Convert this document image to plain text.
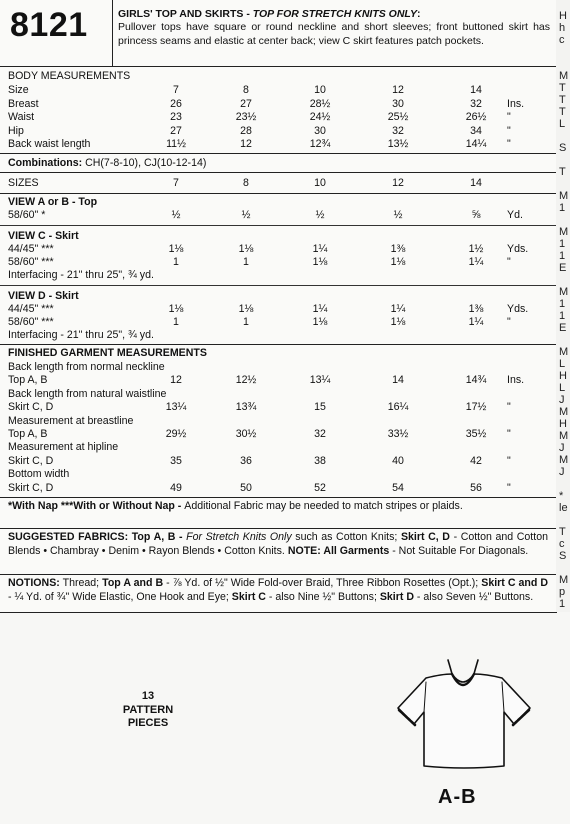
8121	GIRLS' TOP AND SKIRTS - TOP FOR STRETCH KNITS ONLY:
Pullover tops have square or round neckline and short sleeves; front buttoned skirt has princess seams and elastic at center back; view C skirt features patch pockets.
BODY MEASUREMENTS
Size	7	8	10	12	14
Breast	26	27	28½	30	32	Ins.
Waist	23	23½	24½	25½	26½	"
Hip	27	28	30	32	34	"
Back waist length	11½	12	12¾	13½	14¼	"
Combinations: CH(7-8-10), CJ(10-12-14)
SIZES	7	8	10	12	14
VIEW A or B - Top
58/60" *	½	½	½	½	⅝	Yd.
VIEW C - Skirt
44/45" ***	1⅛	1⅛	1¼	1⅜	1½	Yds.
58/60" ***	1	1	1⅛	1⅛	1¼	"
Interfacing - 21" thru 25", ¾ yd.
VIEW D - Skirt
44/45" ***	1⅛	1⅛	1¼	1¼	1⅜	Yds.
58/60" ***	1	1	1⅛	1⅛	1¼	"
Interfacing - 21" thru 25", ¾ yd.
FINISHED GARMENT MEASUREMENTS
Back length from normal neckline
Top A, B	12	12½	13¼	14	14¾	Ins.
Back length from natural waistline
Skirt C, D	13¼	13¾	15	16¼	17½	"
Measurement at breastline
Top A, B	29½	30½	32	33½	35½	"
Measurement at hipline
Skirt C, D	35	36	38	40	42	"
Bottom width
Skirt C, D	49	50	52	54	56	"
*With Nap ***With or Without Nap - Additional Fabric may be needed to match stripes or plaids.
SUGGESTED FABRICS: Top A, B - For Stretch Knits Only such as Cotton Knits; Skirt C, D - Cotton and Cotton Blends • Chambray • Denim • Rayon Blends • Cotton Knits. NOTE: All Garments - Not Suitable For Diagonals.
NOTIONS: Thread; Top A and B - ⅞ Yd. of ½" Wide Fold-over Braid, Three Ribbon Rosettes (Opt.); Skirt C and D - ¼ Yd. of ¾" Wide Elastic, One Hook and Eye; Skirt C - also Nine ½" Buttons; Skirt D - also Seven ½" Buttons.
H
h
c
M
T
T
T
L
S
T
M
1
M
1
1
E
M
1
1
E
M
L
H
L
J
M
H
M
J
M
J
*
le
T
c
S
M
p
1
13
PATTERN
PIECES
A-B
